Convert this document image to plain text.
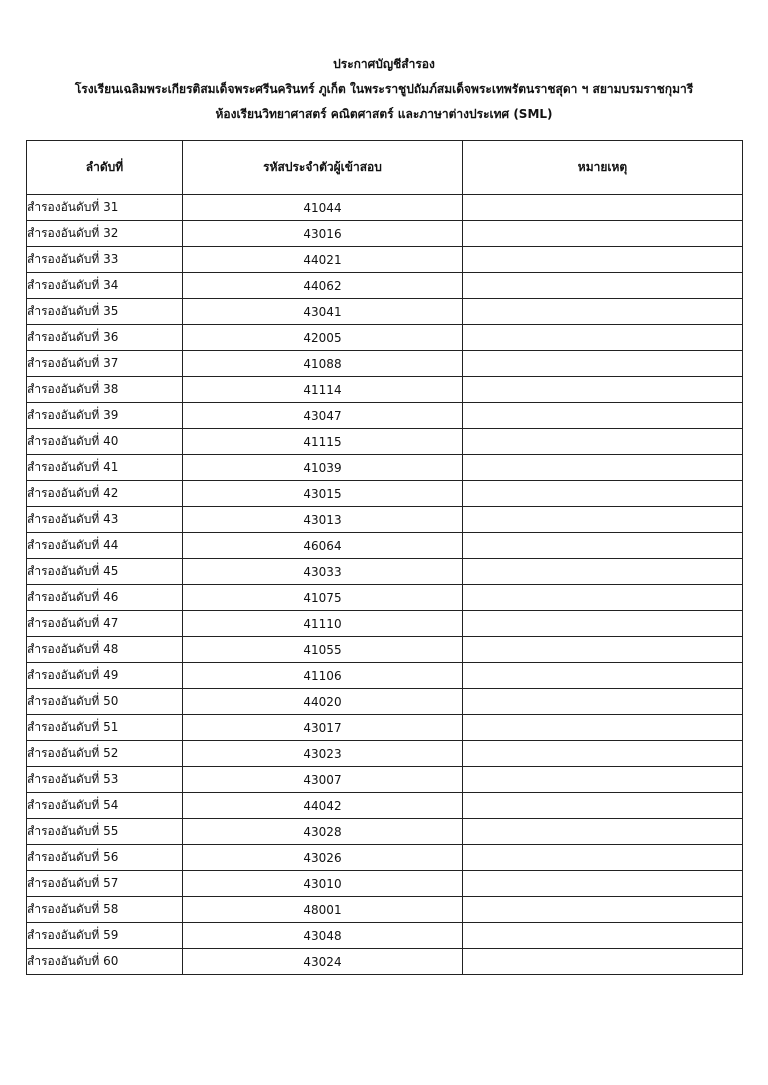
ประกาศบัญชีสำรอง
โรงเรียนเฉลิมพระเกียรติสมเด็จพระศรีนครินทร์ ภูเก็ต ในพระราชูปถัมภ์สมเด็จพระเทพรัตนราชสุดา ฯ สยามบรมราชกุมารี
ห้องเรียนวิทยาศาสตร์ คณิตศาสตร์ และภาษาต่างประเทศ (SML)
ลำดับที่	รหัสประจำตัวผู้เข้าสอบ	หมายเหตุ
สำรองอันดับที่ 31	41044	
สำรองอันดับที่ 32	43016	
สำรองอันดับที่ 33	44021	
สำรองอันดับที่ 34	44062	
สำรองอันดับที่ 35	43041	
สำรองอันดับที่ 36	42005	
สำรองอันดับที่ 37	41088	
สำรองอันดับที่ 38	41114	
สำรองอันดับที่ 39	43047	
สำรองอันดับที่ 40	41115	
สำรองอันดับที่ 41	41039	
สำรองอันดับที่ 42	43015	
สำรองอันดับที่ 43	43013	
สำรองอันดับที่ 44	46064	
สำรองอันดับที่ 45	43033	
สำรองอันดับที่ 46	41075	
สำรองอันดับที่ 47	41110	
สำรองอันดับที่ 48	41055	
สำรองอันดับที่ 49	41106	
สำรองอันดับที่ 50	44020	
สำรองอันดับที่ 51	43017	
สำรองอันดับที่ 52	43023	
สำรองอันดับที่ 53	43007	
สำรองอันดับที่ 54	44042	
สำรองอันดับที่ 55	43028	
สำรองอันดับที่ 56	43026	
สำรองอันดับที่ 57	43010	
สำรองอันดับที่ 58	48001	
สำรองอันดับที่ 59	43048	
สำรองอันดับที่ 60	43024	
